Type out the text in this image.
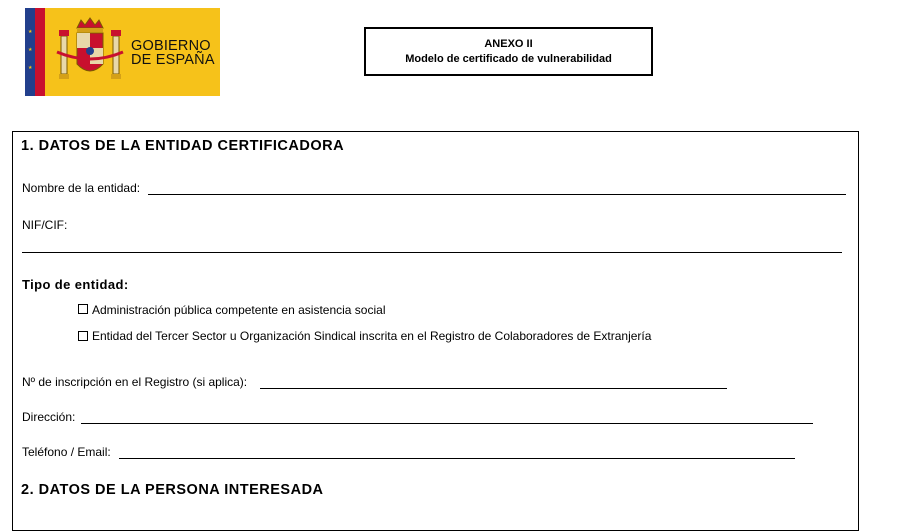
★
★
★
GOBIERNO
DE ESPAÑA
ANEXO II
Modelo de certificado de vulnerabilidad
1. DATOS DE LA ENTIDAD CERTIFICADORA
Nombre de la entidad:
NIF/CIF:
Tipo de entidad:
Administración pública competente en asistencia social
Entidad del Tercer Sector u Organización Sindical inscrita en el Registro de Colaboradores de Extranjería
Nº de inscripción en el Registro (si aplica):
Dirección:
Teléfono / Email:
2. DATOS DE LA PERSONA INTERESADA
